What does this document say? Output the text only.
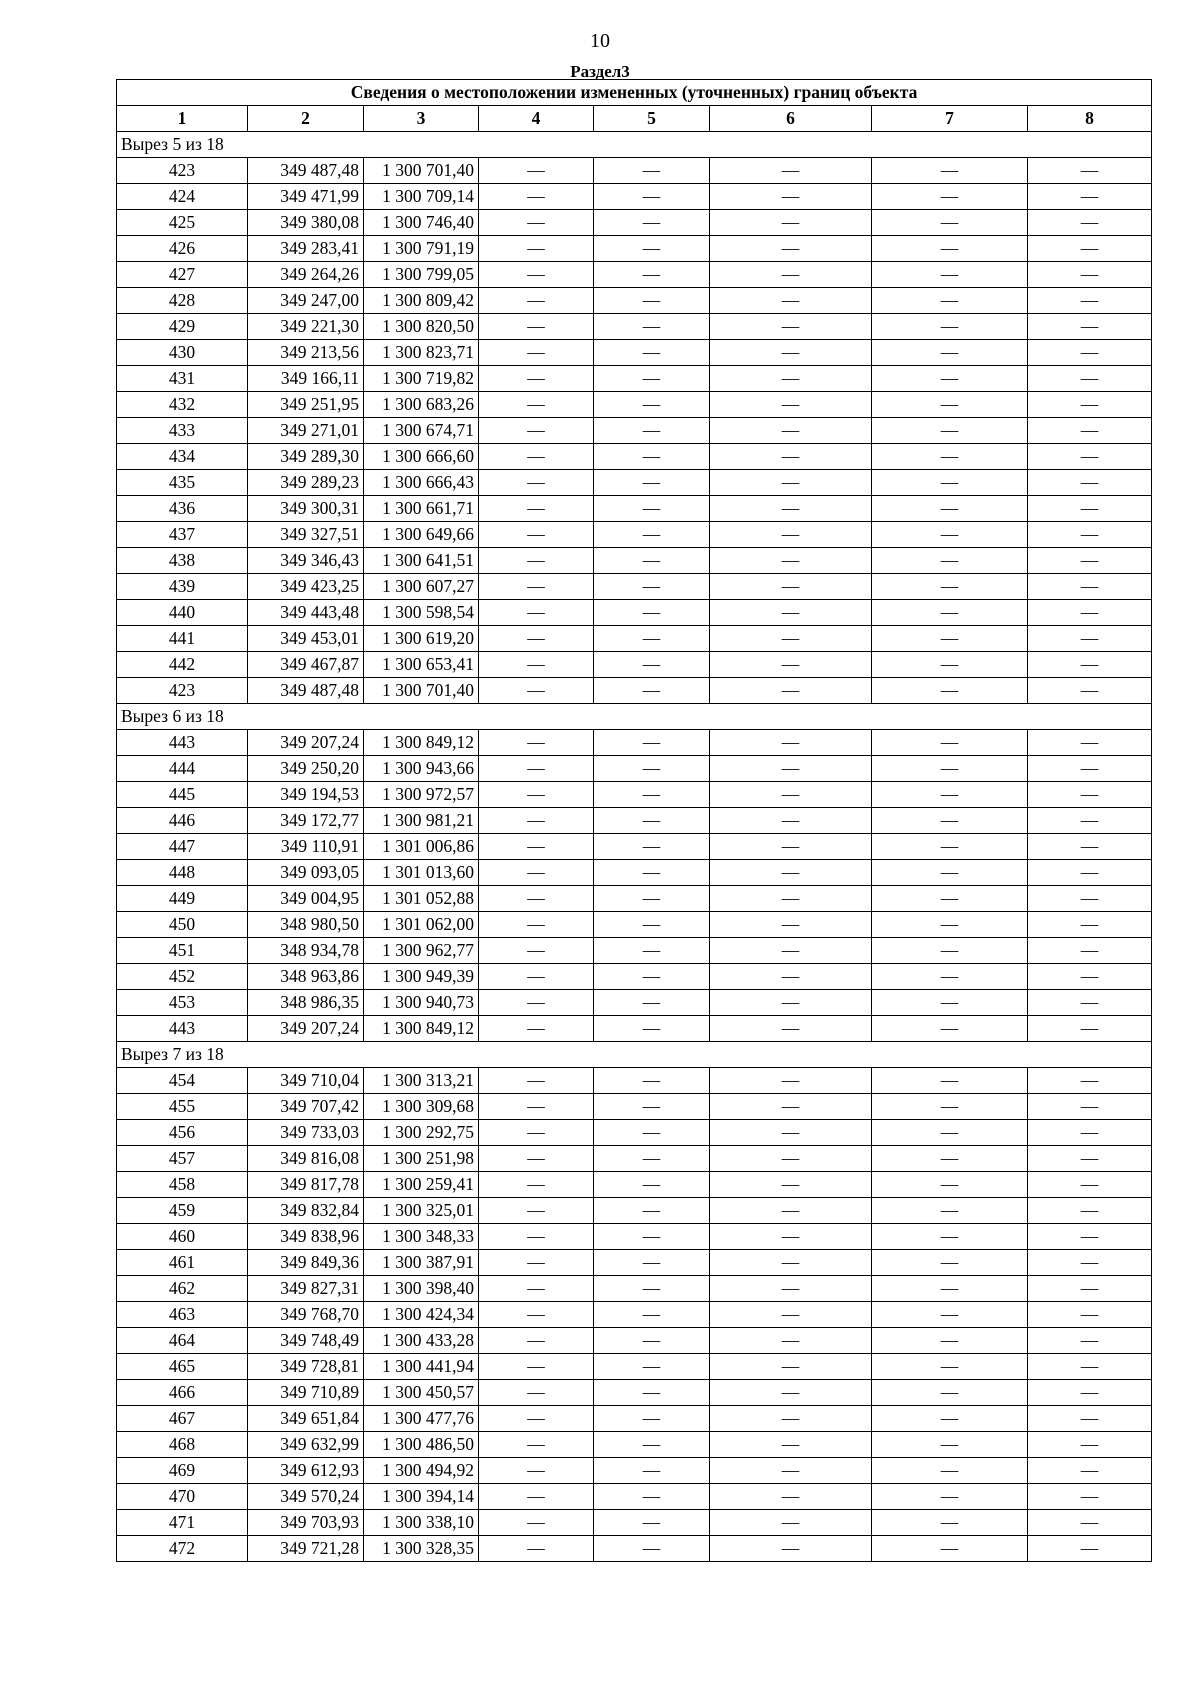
10
Раздел3
Сведения о местоположении измененных (уточненных) границ объекта							
1	2	3	4	5	6	7	8
Вырез 5 из 18							
423	349 487,48	1 300 701,40	—	—	—	—	—
424	349 471,99	1 300 709,14	—	—	—	—	—
425	349 380,08	1 300 746,40	—	—	—	—	—
426	349 283,41	1 300 791,19	—	—	—	—	—
427	349 264,26	1 300 799,05	—	—	—	—	—
428	349 247,00	1 300 809,42	—	—	—	—	—
429	349 221,30	1 300 820,50	—	—	—	—	—
430	349 213,56	1 300 823,71	—	—	—	—	—
431	349 166,11	1 300 719,82	—	—	—	—	—
432	349 251,95	1 300 683,26	—	—	—	—	—
433	349 271,01	1 300 674,71	—	—	—	—	—
434	349 289,30	1 300 666,60	—	—	—	—	—
435	349 289,23	1 300 666,43	—	—	—	—	—
436	349 300,31	1 300 661,71	—	—	—	—	—
437	349 327,51	1 300 649,66	—	—	—	—	—
438	349 346,43	1 300 641,51	—	—	—	—	—
439	349 423,25	1 300 607,27	—	—	—	—	—
440	349 443,48	1 300 598,54	—	—	—	—	—
441	349 453,01	1 300 619,20	—	—	—	—	—
442	349 467,87	1 300 653,41	—	—	—	—	—
423	349 487,48	1 300 701,40	—	—	—	—	—
Вырез 6 из 18							
443	349 207,24	1 300 849,12	—	—	—	—	—
444	349 250,20	1 300 943,66	—	—	—	—	—
445	349 194,53	1 300 972,57	—	—	—	—	—
446	349 172,77	1 300 981,21	—	—	—	—	—
447	349 110,91	1 301 006,86	—	—	—	—	—
448	349 093,05	1 301 013,60	—	—	—	—	—
449	349 004,95	1 301 052,88	—	—	—	—	—
450	348 980,50	1 301 062,00	—	—	—	—	—
451	348 934,78	1 300 962,77	—	—	—	—	—
452	348 963,86	1 300 949,39	—	—	—	—	—
453	348 986,35	1 300 940,73	—	—	—	—	—
443	349 207,24	1 300 849,12	—	—	—	—	—
Вырез 7 из 18							
454	349 710,04	1 300 313,21	—	—	—	—	—
455	349 707,42	1 300 309,68	—	—	—	—	—
456	349 733,03	1 300 292,75	—	—	—	—	—
457	349 816,08	1 300 251,98	—	—	—	—	—
458	349 817,78	1 300 259,41	—	—	—	—	—
459	349 832,84	1 300 325,01	—	—	—	—	—
460	349 838,96	1 300 348,33	—	—	—	—	—
461	349 849,36	1 300 387,91	—	—	—	—	—
462	349 827,31	1 300 398,40	—	—	—	—	—
463	349 768,70	1 300 424,34	—	—	—	—	—
464	349 748,49	1 300 433,28	—	—	—	—	—
465	349 728,81	1 300 441,94	—	—	—	—	—
466	349 710,89	1 300 450,57	—	—	—	—	—
467	349 651,84	1 300 477,76	—	—	—	—	—
468	349 632,99	1 300 486,50	—	—	—	—	—
469	349 612,93	1 300 494,92	—	—	—	—	—
470	349 570,24	1 300 394,14	—	—	—	—	—
471	349 703,93	1 300 338,10	—	—	—	—	—
472	349 721,28	1 300 328,35	—	—	—	—	—
